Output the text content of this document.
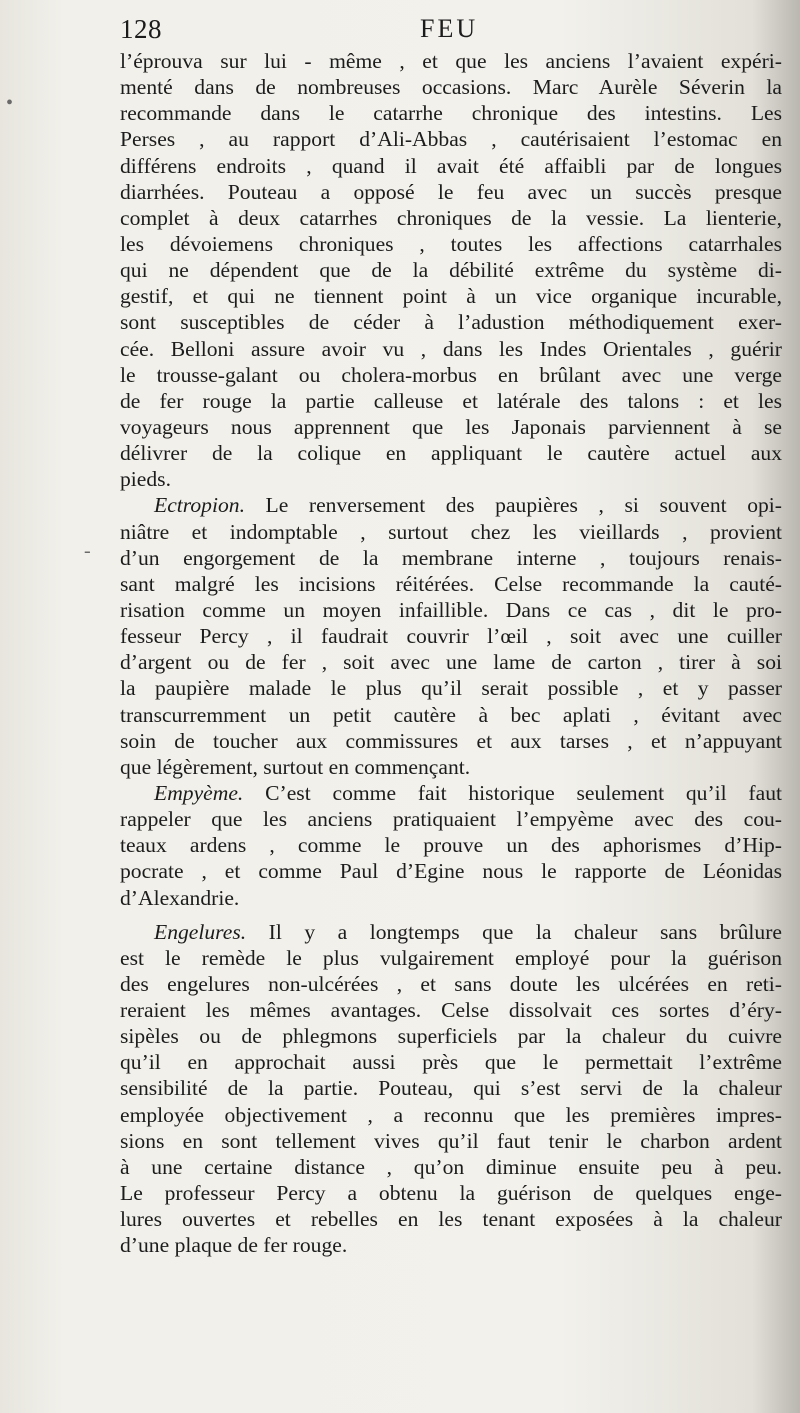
•
-
128	FEU
l’éprouva sur lui - même , et que les anciens l’avaient expéri-
menté dans de nombreuses occasions. Marc Aurèle Séverin la
recommande dans le catarrhe chronique des intestins. Les
Perses , au rapport d’Ali-Abbas , cautérisaient l’estomac en
différens endroits , quand il avait été affaibli par de longues
diarrhées. Pouteau a opposé le feu avec un succès presque
complet à deux catarrhes chroniques de la vessie. La lienterie,
les dévoiemens chroniques , toutes les affections catarrhales
qui ne dépendent que de la débilité extrême du système di-
gestif, et qui ne tiennent point à un vice organique incurable,
sont susceptibles de céder à l’adustion méthodiquement exer-
cée. Belloni assure avoir vu , dans les Indes Orientales , guérir
le trousse-galant ou cholera-morbus en brûlant avec une verge
de fer rouge la partie calleuse et latérale des talons : et les
voyageurs nous apprennent que les Japonais parviennent à se
délivrer de la colique en appliquant le cautère actuel aux
pieds.
Ectropion. Le renversement des paupières , si souvent opi-
niâtre et indomptable , surtout chez les vieillards , provient
d’un engorgement de la membrane interne , toujours renais-
sant malgré les incisions réitérées. Celse recommande la cauté-
risation comme un moyen infaillible. Dans ce cas , dit le pro-
fesseur Percy , il faudrait couvrir l’œil , soit avec une cuiller
d’argent ou de fer , soit avec une lame de carton , tirer à soi
la paupière malade le plus qu’il serait possible , et y passer
transcurremment un petit cautère à bec aplati , évitant avec
soin de toucher aux commissures et aux tarses , et n’appuyant
que légèrement, surtout en commençant.
Empyème. C’est comme fait historique seulement qu’il faut
rappeler que les anciens pratiquaient l’empyème avec des cou-
teaux ardens , comme le prouve un des aphorismes d’Hip-
pocrate , et comme Paul d’Egine nous le rapporte de Léonidas
d’Alexandrie.
Engelures. Il y a longtemps que la chaleur sans brûlure
est le remède le plus vulgairement employé pour la guérison
des engelures non-ulcérées , et sans doute les ulcérées en reti-
reraient les mêmes avantages. Celse dissolvait ces sortes d’éry-
sipèles ou de phlegmons superficiels par la chaleur du cuivre
qu’il en approchait aussi près que le permettait l’extrême
sensibilité de la partie. Pouteau, qui s’est servi de la chaleur
employée objectivement , a reconnu que les premières impres-
sions en sont tellement vives qu’il faut tenir le charbon ardent
à une certaine distance , qu’on diminue ensuite peu à peu.
Le professeur Percy a obtenu la guérison de quelques enge-
lures ouvertes et rebelles en les tenant exposées à la chaleur
d’une plaque de fer rouge.
